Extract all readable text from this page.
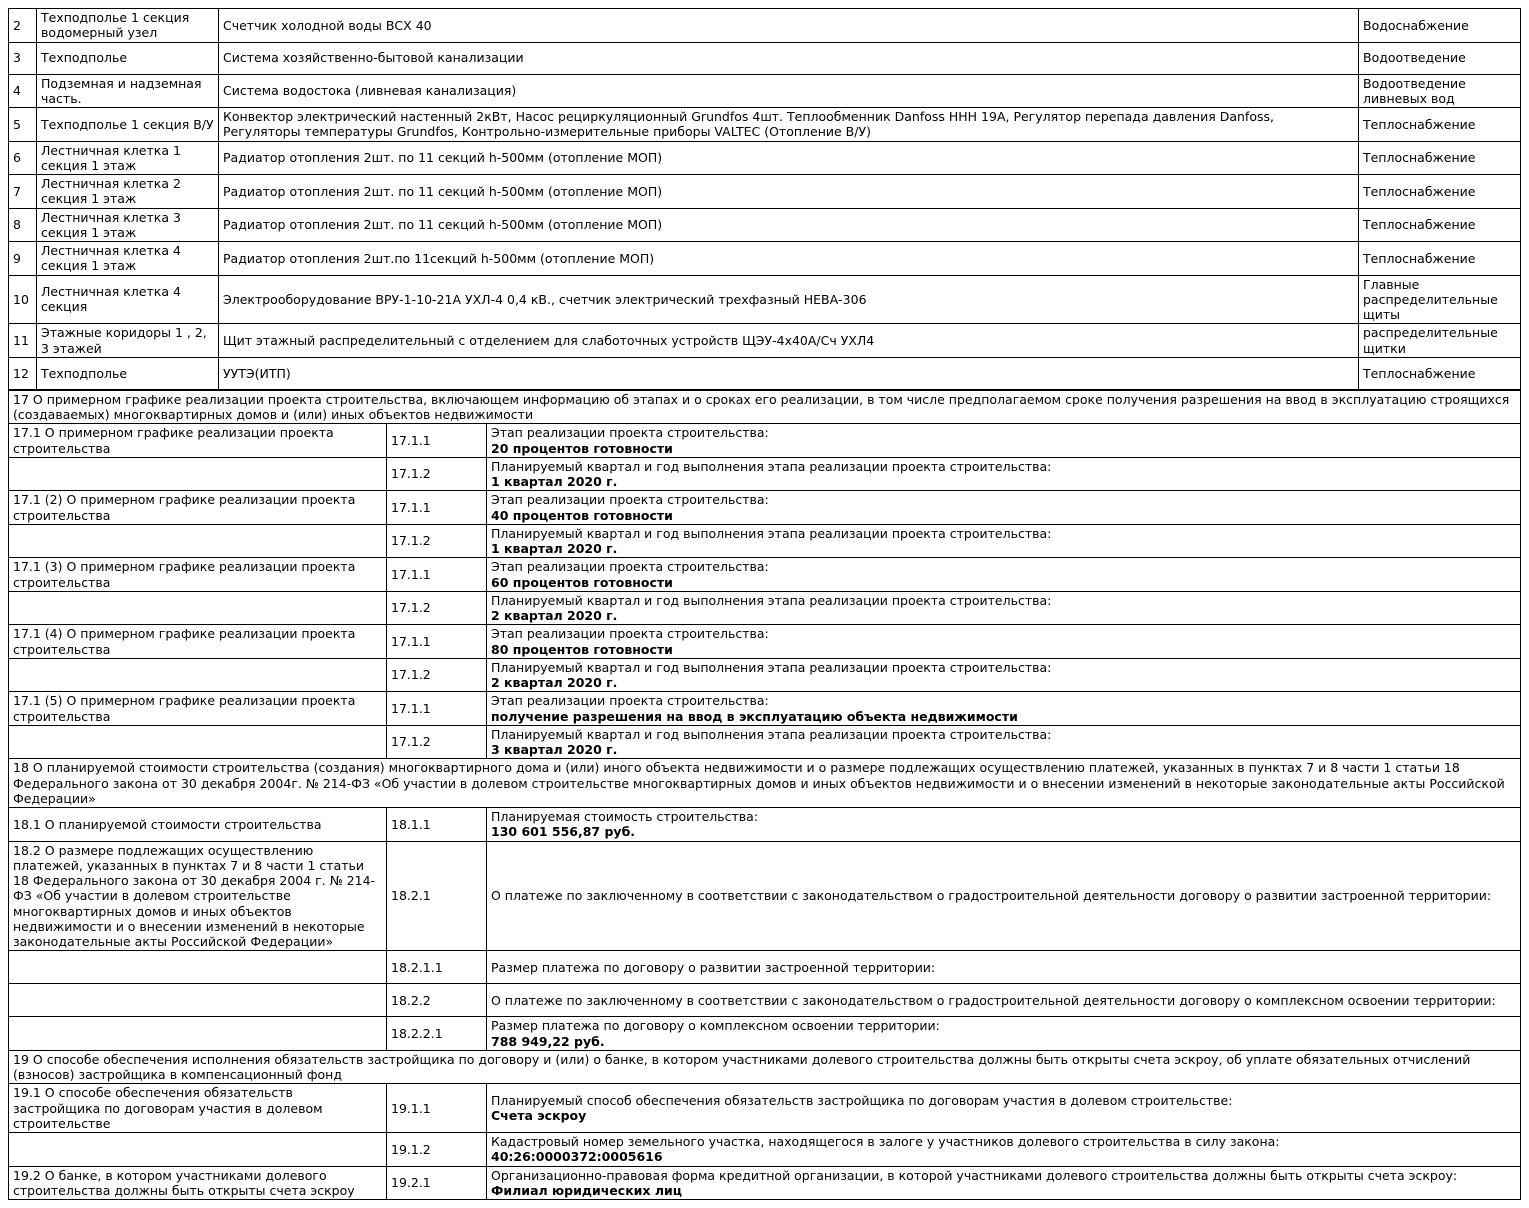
2	Техподполье 1 секция водомерный узел	Счетчик холодной воды ВСХ 40	Водоснабжение
3	Техподполье	Система хозяйственно-бытовой канализации	Водоотведение
4	Подземная и надземная часть.	Система водостока (ливневая канализация)	Водоотведение ливневых вод
5	Техподполье 1 секция В/У	Конвектор электрический настенный 2кВт, Насос рециркуляционный Grundfos 4шт. Теплообменник Danfoss HHН 19А, Регулятор перепада давления Danfoss, Регуляторы температуры Grundfos, Контрольно-измерительные приборы VALTEC (Отопление В/У)	Теплоснабжение
6	Лестничная клетка 1 секция 1 этаж	Радиатор отопления 2шт. по 11 секций h-500мм (отопление МОП)	Теплоснабжение
7	Лестничная клетка 2 секция 1 этаж	Радиатор отопления 2шт. по 11 секций h-500мм (отопление МОП)	Теплоснабжение
8	Лестничная клетка 3 секция 1 этаж	Радиатор отопления 2шт. по 11 секций h-500мм (отопление МОП)	Теплоснабжение
9	Лестничная клетка 4 секция 1 этаж	Радиатор отопления 2шт.по 11секций h-500мм (отопление МОП)	Теплоснабжение
10	Лестничная клетка 4 секция	Электрооборудование ВРУ-1-10-21А УХЛ-4 0,4 кВ., счетчик электрический трехфазный НЕВА-306	Главные распределительные щиты
11	Этажные коридоры 1 , 2, 3 этажей	Щит этажный распределительный с отделением для слаботочных устройств ЩЭУ-4х40А/Сч УХЛ4	распределительные щитки
12	Техподполье	УУТЭ(ИТП)	Теплоснабжение
17 О примерном графике реализации проекта строительства, включающем информацию об этапах и о сроках его реализации, в том числе предполагаемом сроке получения разрешения на ввод в эксплуатацию строящихся (создаваемых) многоквартирных домов и (или) иных объектов недвижимости		
17.1 О примерном графике реализации проекта строительства	17.1.1	Этап реализации проекта строительства:
20 процентов готовности

	17.1.2	Планируемый квартал и год выполнения этапа реализации проекта строительства:
1 квартал 2020 г.

17.1 (2) О примерном графике реализации проекта строительства	17.1.1	Этап реализации проекта строительства:
40 процентов готовности

	17.1.2	Планируемый квартал и год выполнения этапа реализации проекта строительства:
1 квартал 2020 г.

17.1 (3) О примерном графике реализации проекта строительства	17.1.1	Этап реализации проекта строительства:
60 процентов готовности

	17.1.2	Планируемый квартал и год выполнения этапа реализации проекта строительства:
2 квартал 2020 г.

17.1 (4) О примерном графике реализации проекта строительства	17.1.1	Этап реализации проекта строительства:
80 процентов готовности

	17.1.2	Планируемый квартал и год выполнения этапа реализации проекта строительства:
2 квартал 2020 г.

17.1 (5) О примерном графике реализации проекта строительства	17.1.1	Этап реализации проекта строительства:
получение разрешения на ввод в эксплуатацию объекта недвижимости

	17.1.2	Планируемый квартал и год выполнения этапа реализации проекта строительства:
3 квартал 2020 г.
18 О планируемой стоимости строительства (создания) многоквартирного дома и (или) иного объекта недвижимости и о размере подлежащих осуществлению платежей, указанных в пунктах 7 и 8 части 1 статьи 18 Федерального закона от 30 декабря 2004г. № 214-ФЗ «Об участии в долевом строительстве многоквартирных домов и иных объектов недвижимости и о внесении изменений в некоторые законодательные акты Российской Федерации»		
18.1 О планируемой стоимости строительства	18.1.1	Планируемая стоимость строительства:
130 601 556,87 руб.

18.2 О размере подлежащих осуществлению платежей, указанных в пунктах 7 и 8 части 1 статьи 18 Федерального закона от 30 декабря 2004 г. № 214-ФЗ «Об участии в долевом строительстве многоквартирных домов и иных объектов недвижимости и о внесении изменений в некоторые законодательные акты Российской Федерации»	18.2.1	О платеже по заключенному в соответствии с законодательством о градостроительной деятельности договору о развитии застроенной территории:

	18.2.1.1	Размер платежа по договору о развитии застроенной территории:

	18.2.2	О платеже по заключенному в соответствии с законодательством о градостроительной деятельности договору о комплексном освоении территории:

	18.2.2.1	Размер платежа по договору о комплексном освоении территории:
788 949,22 руб.
19 О способе обеспечения исполнения обязательств застройщика по договору и (или) о банке, в котором участниками долевого строительства должны быть открыты счета эскроу, об уплате обязательных отчислений (взносов) застройщика в компенсационный фонд		
19.1 О способе обеспечения обязательств застройщика по договорам участия в долевом строительстве	19.1.1	Планируемый способ обеспечения обязательств застройщика по договорам участия в долевом строительстве:
Счета эскроу

	19.1.2	Кадастровый номер земельного участка, находящегося в залоге у участников долевого строительства в силу закона:
40:26:0000372:0005616

19.2 О банке, в котором участниками долевого строительства должны быть открыты счета эскроу	19.2.1	Организационно-правовая форма кредитной организации, в которой участниками долевого строительства должны быть открыты счета эскроу:
Филиал юридических лиц
